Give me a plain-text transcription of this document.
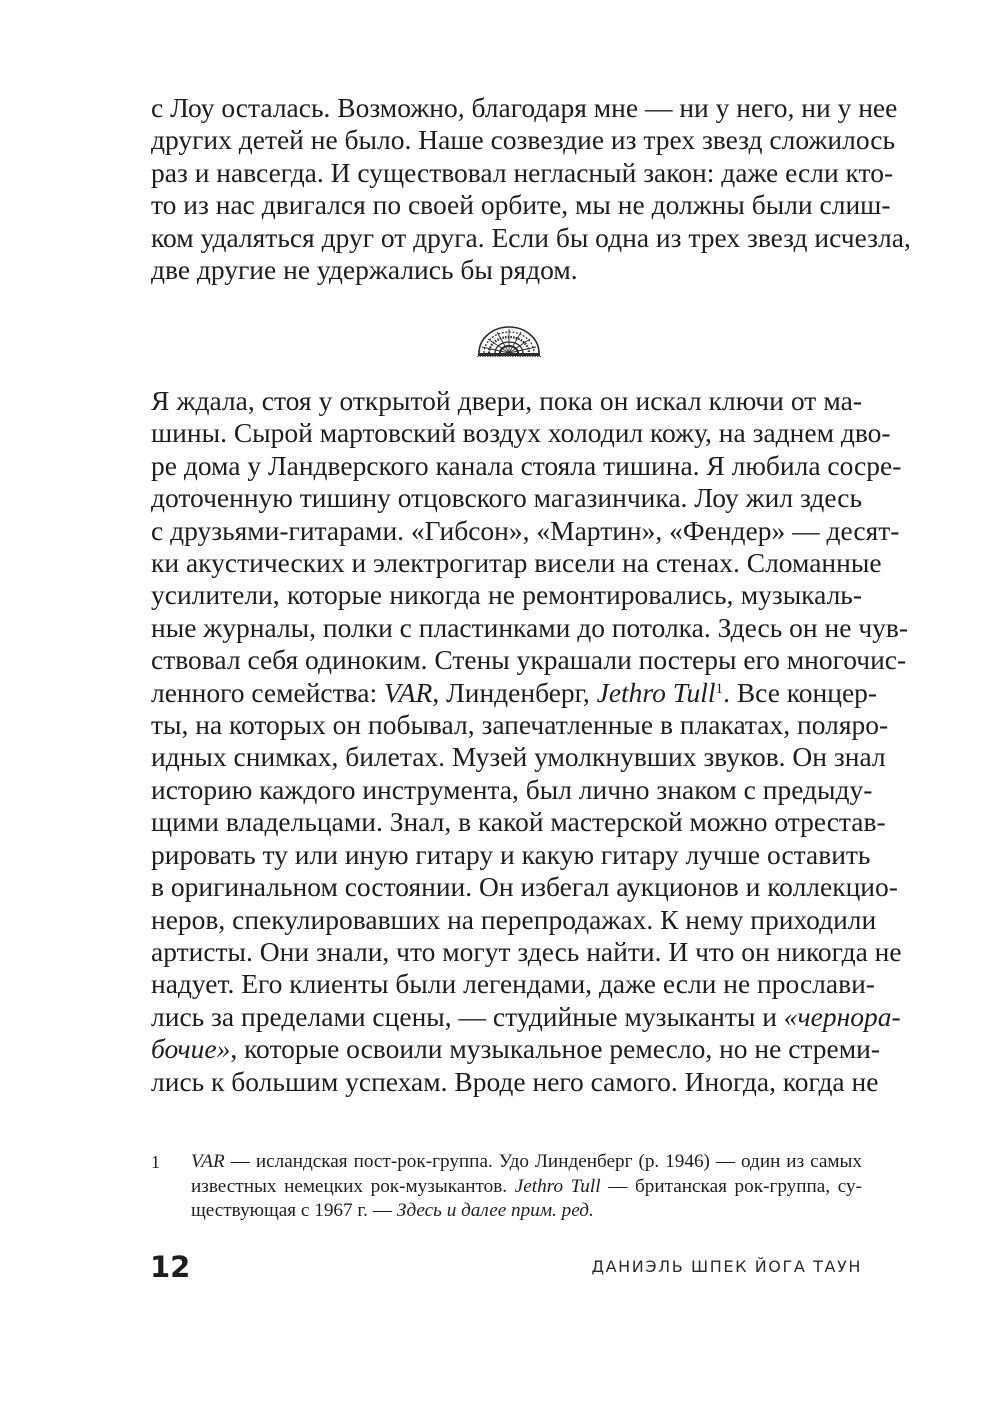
с Лоу осталась. Возможно, благодаря мне — ни у него, ни у нее
других детей не было. Наше созвездие из трех звезд сложилось
раз и навсегда. И существовал негласный закон: даже если кто-
то из нас двигался по своей орбите, мы не должны были слиш-
ком удаляться друг от друга. Если бы одна из трех звезд исчезла,
две другие не удержались бы рядом.
Я ждала, стоя у открытой двери, пока он искал ключи от ма-
шины. Сырой мартовский воздух холодил кожу, на заднем дво-
ре дома у Ландверского канала стояла тишина. Я любила сосре-
доточенную тишину отцовского магазинчика. Лоу жил здесь
с друзьями-гитарами. «Гибсон», «Мартин», «Фендер» — десят-
ки акустических и электрогитар висели на стенах. Сломанные
усилители, которые никогда не ремонтировались, музыкаль-
ные журналы, полки с пластинками до потолка. Здесь он не чув-
ствовал себя одиноким. Стены украшали постеры его многочис-
ленного семейства: VAR, Линденберг, Jethro Tull$^1$. Все концер-
ты, на которых он побывал, запечатленные в плакатах, поляро-
идных снимках, билетах. Музей умолкнувших звуков. Он знал
историю каждого инструмента, был лично знаком с предыду-
щими владельцами. Знал, в какой мастерской можно отрестав-
рировать ту или иную гитару и какую гитару лучше оставить
в оригинальном состоянии. Он избегал аукционов и коллекцио-
неров, спекулировавших на перепродажах. К нему приходили
артисты. Они знали, что могут здесь найти. И что он никогда не
надует. Его клиенты были легендами, даже если не прослави-
лись за пределами сцены, — студийные музыканты и «чернора-
бочие», которые освоили музыкальное ремесло, но не стреми-
лись к большим успехам. Вроде него самого. Иногда, когда не
1 VAR — исландская пост-рок-группа. Удо Линденберг (р. 1946) — один из самых
известных немецких рок-музыкантов. Jethro Tull — британская рок-группа, су-
ществующая с 1967 г. — Здесь и далее прим. ред.
12	ДАНИЭЛЬ ШПЕК ЙОГА ТАУН
